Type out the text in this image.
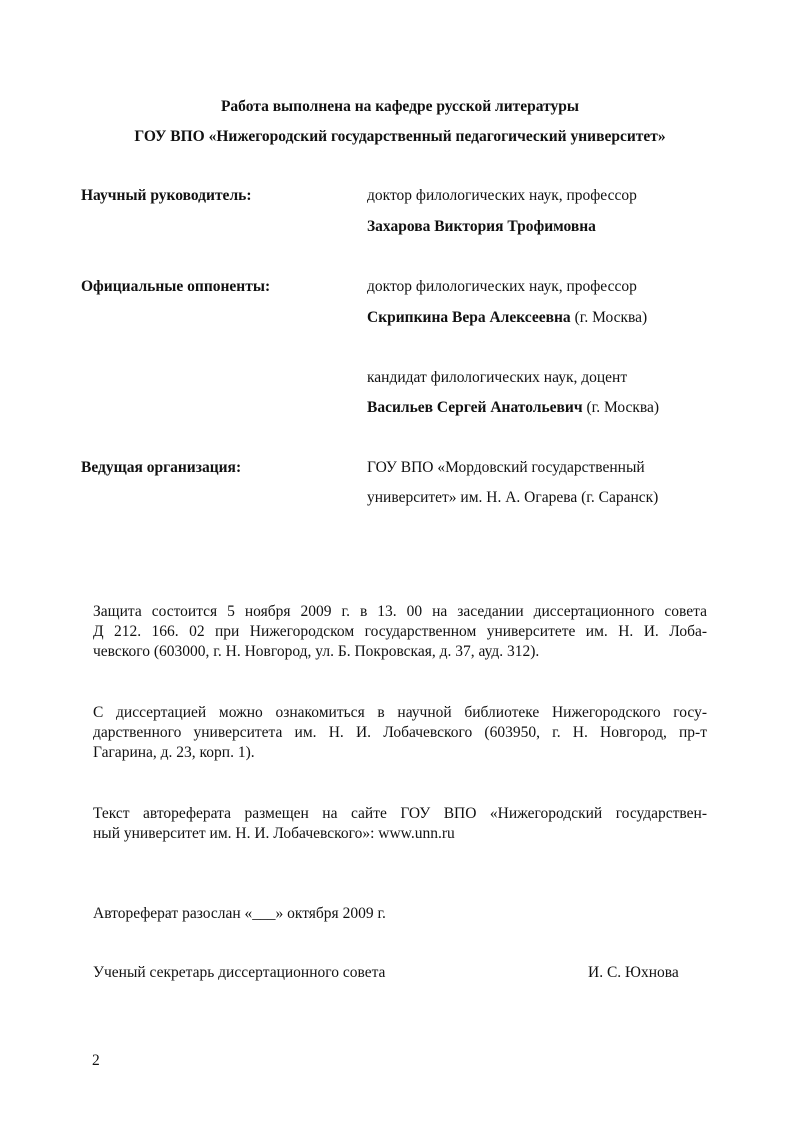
Работа выполнена на кафедре русской литературы
ГОУ ВПО «Нижегородский государственный педагогический университет»
Научный руководитель:	доктор филологических наук, профессор
Захарова Виктория Трофимовна
Официальные оппоненты:	доктор филологических наук, профессор
Скрипкина Вера Алексеевна (г. Москва)
кандидат филологических наук, доцент
Васильев Сергей Анатольевич (г. Москва)
Ведущая организация:	ГОУ ВПО «Мордовский государственный
университет» им. Н. А. Огарева (г. Саранск)
Защита состоится 5 ноября 2009 г. в 13. 00 на заседании диссертационного совета
Д 212. 166. 02 при Нижегородском государственном университете им. Н. И. Лоба-
чевского (603000, г. Н. Новгород, ул. Б. Покровская, д. 37, ауд. 312).
С диссертацией можно ознакомиться в научной библиотеке Нижегородского госу-
дарственного университета им. Н. И. Лобачевского (603950, г. Н. Новгород, пр-т
Гагарина, д. 23, корп. 1).
Текст автореферата размещен на сайте ГОУ ВПО «Нижегородский государствен-
ный университет им. Н. И. Лобачевского»: www.unn.ru
Автореферат разослан «___» октября 2009 г.
Ученый секретарь диссертационного совета	И. С. Юхнова
2
